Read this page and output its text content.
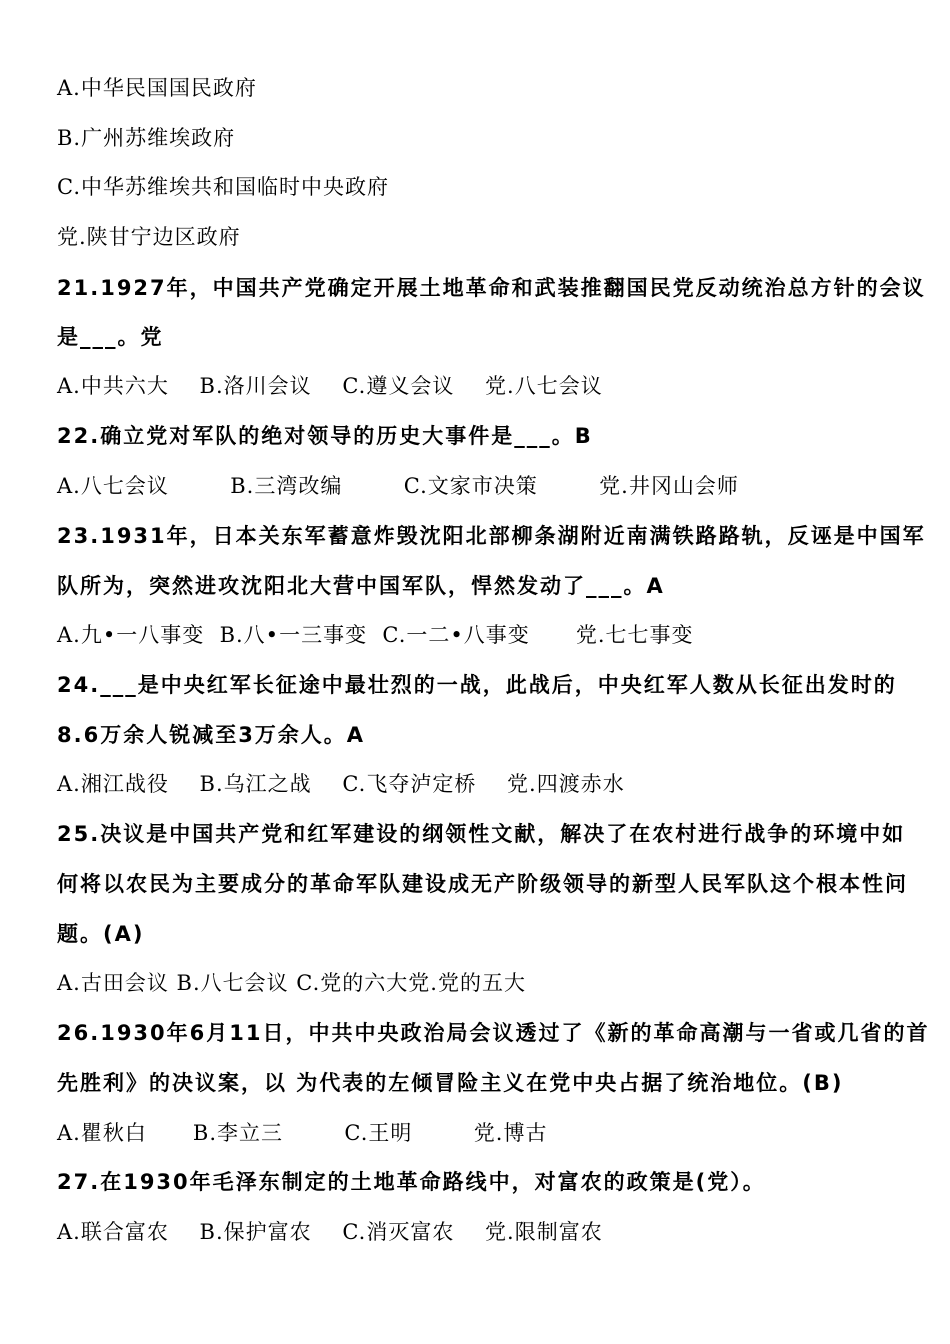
A.中华民国国民政府
B.广州苏维埃政府
C.中华苏维埃共和国临时中央政府
党.陕甘宁边区政府
21.1927年，中国共产党确定开展土地革命和武装推翻国民党反动统治总方针的会议
是___。党
A.中共六大    B.洛川会议    C.遵义会议    党.八七会议
22.确立党对军队的绝对领导的历史大事件是___。B
A.八七会议        B.三湾改编        C.文家市决策        党.井冈山会师
23.1931年，日本关东军蓄意炸毁沈阳北部柳条湖附近南满铁路路轨，反诬是中国军
队所为，突然进攻沈阳北大营中国军队，悍然发动了___。A
A.九•一八事变  B.八•一三事变  C.一二•八事变      党.七七事变
24.___是中央红军长征途中最壮烈的一战，此战后，中央红军人数从长征出发时的
8.6万余人锐减至3万余人。A
A.湘江战役    B.乌江之战    C.飞夺泸定桥    党.四渡赤水
25.决议是中国共产党和红军建设的纲领性文献，解决了在农村进行战争的环境中如
何将以农民为主要成分的革命军队建设成无产阶级领导的新型人民军队这个根本性问
题。(A)
A.古田会议 B.八七会议 C.党的六大党.党的五大
26.1930年6月11日，中共中央政治局会议透过了《新的革命高潮与一省或几省的首
先胜利》的决议案，以 为代表的左倾冒险主义在党中央占据了统治地位。(B)
A.瞿秋白      B.李立三        C.王明        党.博古
27.在1930年毛泽东制定的土地革命路线中，对富农的政策是(党）。
A.联合富农    B.保护富农    C.消灭富农    党.限制富农
